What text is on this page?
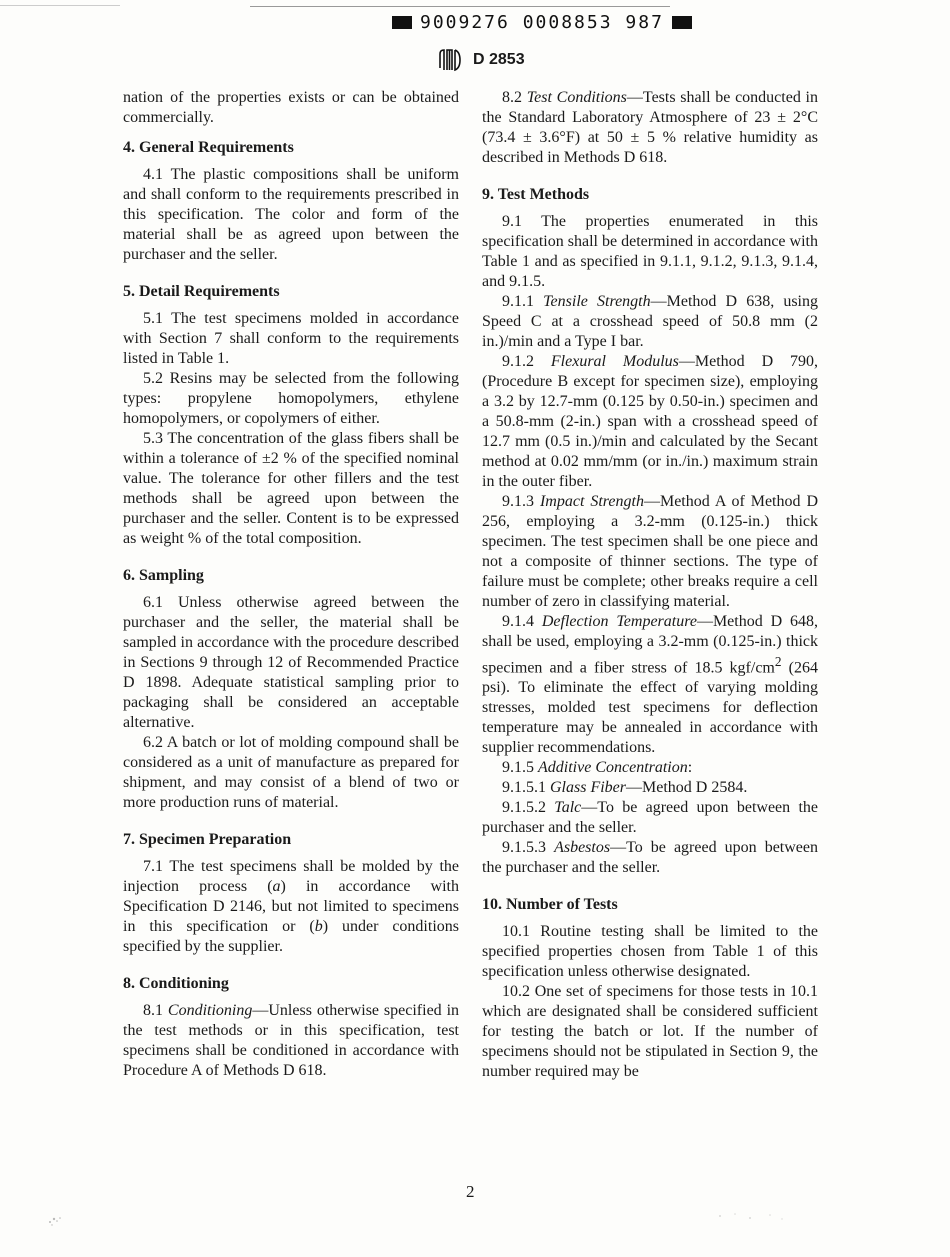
9009276 0008853 987
D 2853

nation of the properties exists or can be obtained commercially.

4. General Requirements

4.1 The plastic compositions shall be uniform and shall conform to the requirements prescribed in this specification. The color and form of the material shall be as agreed upon between the purchaser and the seller.

5. Detail Requirements

5.1 The test specimens molded in accordance with Section 7 shall conform to the requirements listed in Table 1.

5.2 Resins may be selected from the following types: propylene homopolymers, ethylene homopolymers, or copolymers of either.

5.3 The concentration of the glass fibers shall be within a tolerance of ±2 % of the specified nominal value. The tolerance for other fillers and the test methods shall be agreed upon between the purchaser and the seller. Content is to be expressed as weight % of the total composition.

6. Sampling

6.1 Unless otherwise agreed between the purchaser and the seller, the material shall be sampled in accordance with the procedure described in Sections 9 through 12 of Recommended Practice D 1898. Adequate statistical sampling prior to packaging shall be considered an acceptable alternative.

6.2 A batch or lot of molding compound shall be considered as a unit of manufacture as prepared for shipment, and may consist of a blend of two or more production runs of material.

7. Specimen Preparation

7.1 The test specimens shall be molded by the injection process (a) in accordance with Specification D 2146, but not limited to specimens in this specification or (b) under conditions specified by the supplier.

8. Conditioning

8.1 Conditioning—Unless otherwise specified in the test methods or in this specification, test specimens shall be conditioned in accordance with Procedure A of Methods D 618.

8.2 Test Conditions—Tests shall be conducted in the Standard Laboratory Atmosphere of 23 ± 2°C (73.4 ± 3.6°F) at 50 ± 5 % relative humidity as described in Methods D 618.

9. Test Methods

9.1 The properties enumerated in this specification shall be determined in accordance with Table 1 and as specified in 9.1.1, 9.1.2, 9.1.3, 9.1.4, and 9.1.5.

9.1.1 Tensile Strength—Method D 638, using Speed C at a crosshead speed of 50.8 mm (2 in.)/min and a Type I bar.

9.1.2 Flexural Modulus—Method D 790, (Procedure B except for specimen size), employing a 3.2 by 12.7-mm (0.125 by 0.50-in.) specimen and a 50.8-mm (2-in.) span with a crosshead speed of 12.7 mm (0.5 in.)/min and calculated by the Secant method at 0.02 mm/mm (or in./in.) maximum strain in the outer fiber.

9.1.3 Impact Strength—Method A of Method D 256, employing a 3.2-mm (0.125-in.) thick specimen. The test specimen shall be one piece and not a composite of thinner sections. The type of failure must be complete; other breaks require a cell number of zero in classifying material.

9.1.4 Deflection Temperature—Method D 648, shall be used, employing a 3.2-mm (0.125-in.) thick specimen and a fiber stress of 18.5 kgf/$cm^2$ (264 psi). To eliminate the effect of varying molding stresses, molded test specimens for deflection temperature may be annealed in accordance with supplier recommendations.

9.1.5 Additive Concentration:

9.1.5.1 Glass Fiber—Method D 2584.

9.1.5.2 Talc—To be agreed upon between the purchaser and the seller.

9.1.5.3 Asbestos—To be agreed upon between the purchaser and the seller.

10. Number of Tests

10.1 Routine testing shall be limited to the specified properties chosen from Table 1 of this specification unless otherwise designated.

10.2 One set of specimens for those tests in 10.1 which are designated shall be considered sufficient for testing the batch or lot. If the number of specimens should not be stipulated in Section 9, the number required may be

2
